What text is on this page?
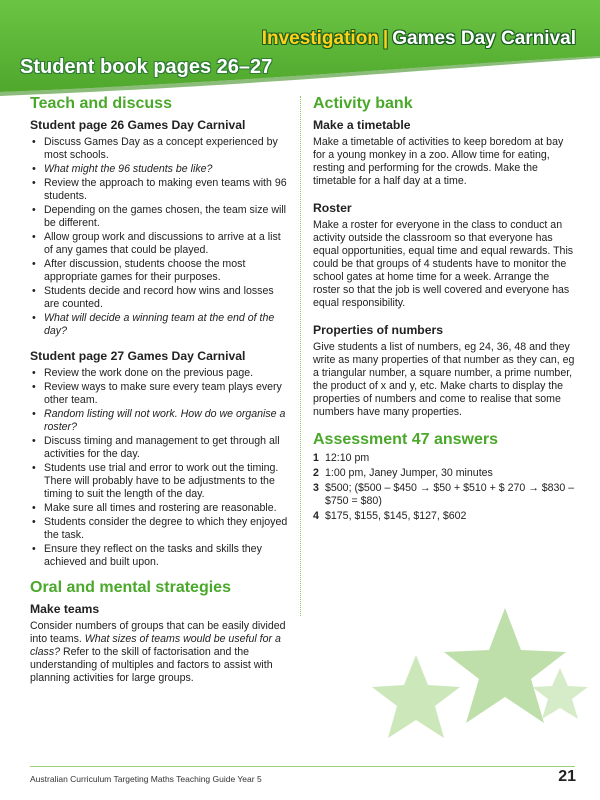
Investigation | Games Day Carnival
Student book pages 26–27
Teach and discuss
Student page 26 Games Day Carnival
• Discuss Games Day as a concept experienced by most schools.
• What might the 96 students be like?
• Review the approach to making even teams with 96 students.
• Depending on the games chosen, the team size will be different.
• Allow group work and discussions to arrive at a list of any games that could be played.
• After discussion, students choose the most appropriate games for their purposes.
• Students decide and record how wins and losses are counted.
• What will decide a winning team at the end of the day?
Student page 27 Games Day Carnival
• Review the work done on the previous page.
• Review ways to make sure every team plays every other team.
• Random listing will not work. How do we organise a roster?
• Discuss timing and management to get through all activities for the day.
• Students use trial and error to work out the timing. There will probably have to be adjustments to the timing to suit the length of the day.
• Make sure all times and rostering are reasonable.
• Students consider the degree to which they enjoyed the task.
• Ensure they reflect on the tasks and skills they achieved and built upon.
Oral and mental strategies
Make teams

Consider numbers of groups that can be easily divided into teams. What sizes of teams would be useful for a class? Refer to the skill of factorisation and the understanding of multiples and factors to assist with planning activities for large groups.

Activity bank
Make a timetable

Make a timetable of activities to keep boredom at bay for a young monkey in a zoo. Allow time for eating, resting and performing for the crowds. Make the timetable for a half day at a time.

Roster

Make a roster for everyone in the class to conduct an activity outside the classroom so that everyone has equal opportunities, equal time and equal rewards. This could be that groups of 4 students have to monitor the school gates at home time for a week. Arrange the roster so that the job is well covered and everyone has equal responsibility.

Properties of numbers

Give students a list of numbers, eg 24, 36, 48 and they write as many properties of that number as they can, eg a triangular number, a square number, a prime number, the product of x and y, etc. Make charts to display the properties of numbers and come to realise that some numbers have many properties.

Assessment 47 answers
1 12:10 pm
2 1:00 pm, Janey Jumper, 30 minutes
3 $500; ($500 – $450 → $50 + $510 + $ 270 → $830 – $750 = $80)
4 $175, $155, $145, $127, $602
Australian Curriculum Targeting Maths Teaching Guide Year 5	21
